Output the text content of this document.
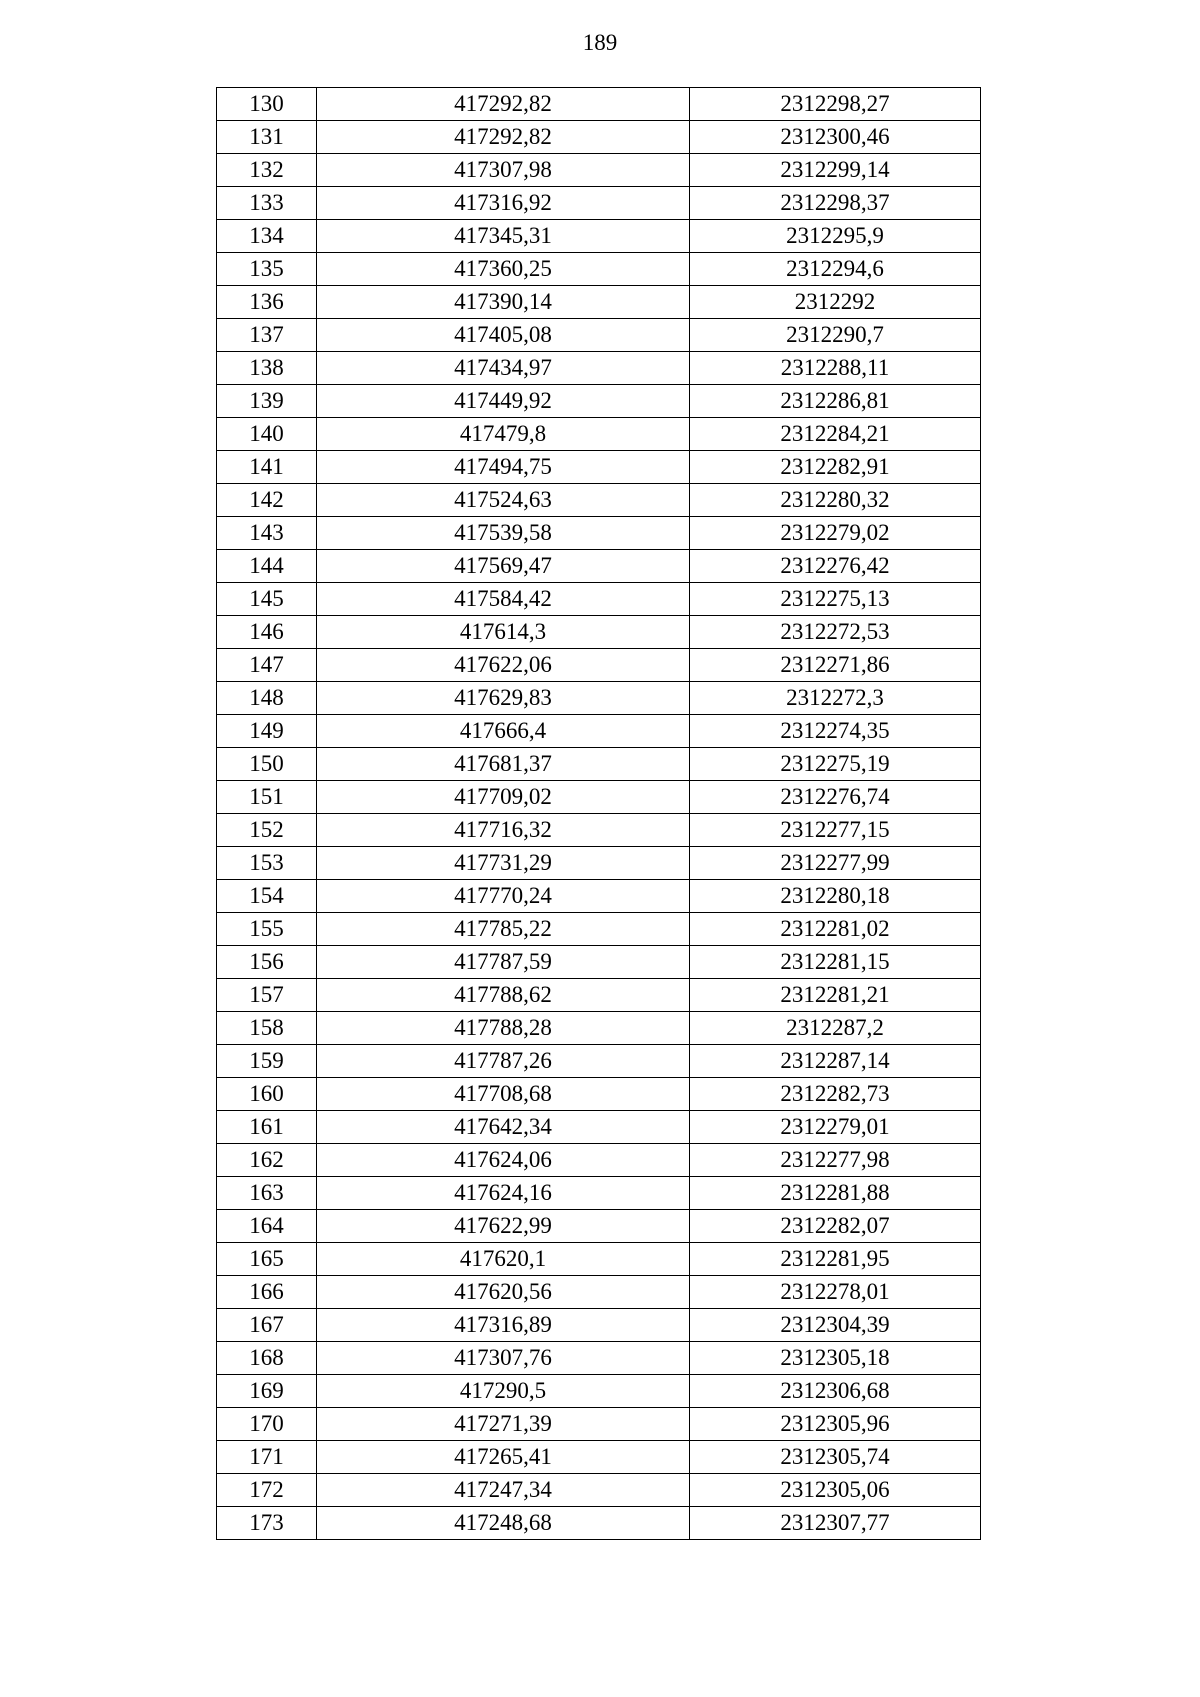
189
130	417292,82	2312298,27
131	417292,82	2312300,46
132	417307,98	2312299,14
133	417316,92	2312298,37
134	417345,31	2312295,9
135	417360,25	2312294,6
136	417390,14	2312292
137	417405,08	2312290,7
138	417434,97	2312288,11
139	417449,92	2312286,81
140	417479,8	2312284,21
141	417494,75	2312282,91
142	417524,63	2312280,32
143	417539,58	2312279,02
144	417569,47	2312276,42
145	417584,42	2312275,13
146	417614,3	2312272,53
147	417622,06	2312271,86
148	417629,83	2312272,3
149	417666,4	2312274,35
150	417681,37	2312275,19
151	417709,02	2312276,74
152	417716,32	2312277,15
153	417731,29	2312277,99
154	417770,24	2312280,18
155	417785,22	2312281,02
156	417787,59	2312281,15
157	417788,62	2312281,21
158	417788,28	2312287,2
159	417787,26	2312287,14
160	417708,68	2312282,73
161	417642,34	2312279,01
162	417624,06	2312277,98
163	417624,16	2312281,88
164	417622,99	2312282,07
165	417620,1	2312281,95
166	417620,56	2312278,01
167	417316,89	2312304,39
168	417307,76	2312305,18
169	417290,5	2312306,68
170	417271,39	2312305,96
171	417265,41	2312305,74
172	417247,34	2312305,06
173	417248,68	2312307,77
